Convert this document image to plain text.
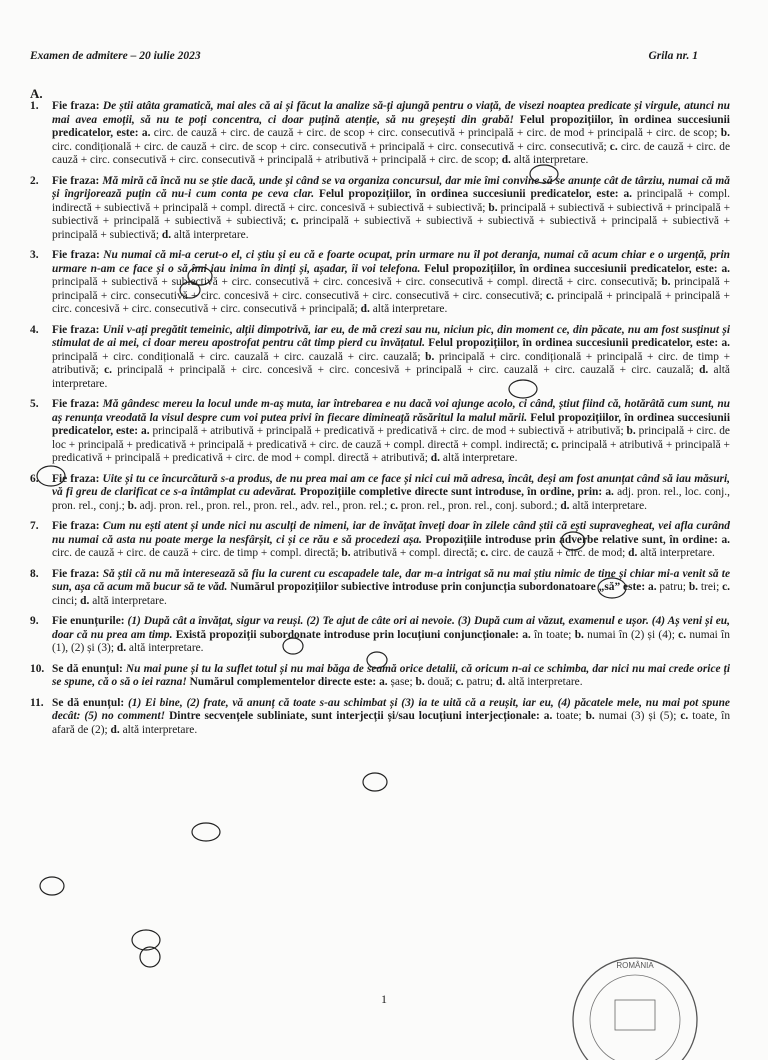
Examen de admitere – 20 iulie 2023	Grila nr. 1
A.
1. Fie fraza: De știi atâta gramatică, mai ales că ai și făcut la analize să-ți ajungă pentru o viață, de visezi noaptea predicate și virgule, atunci nu mai avea emoții, să nu te poți concentra, ci doar puțină atenție, să nu greșești din grabă! Felul propozițiilor, în ordinea succesiunii predicatelor, este: a. circ. de cauză + circ. de cauză + circ. de scop + circ. consecutivă + principală + circ. de mod + principală + circ. de scop; b. circ. condițională + circ. de cauză + circ. de scop + circ. consecutivă + principală + circ. consecutivă + circ. consecutivă; c. circ. de cauză + circ. de cauză + circ. consecutivă + circ. consecutivă + principală + atributivă + principală + circ. de scop; d. altă interpretare.
2. Fie fraza: Mă miră că încă nu se știe dacă, unde și când se va organiza concursul, dar mie îmi convine să se anunțe cât de târziu, numai că mă și îngrijorează puțin că nu-i cum conta pe ceva clar. Felul propozițiilor, în ordinea succesiunii predicatelor, este: a. principală + compl. indirectă + subiectivă + principală + compl. directă + circ. concesivă + subiectivă + subiectivă; b. principală + subiectivă + subiectivă + principală + subiectivă + principală + subiectivă + subiectivă; c. principală + subiectivă + subiectivă + subiectivă + subiectivă + principală + subiectivă + principală + subiectivă; d. altă interpretare.
3. Fie fraza: Nu numai că mi-a cerut-o el, ci știu și eu că e foarte ocupat, prin urmare nu îl pot deranja, numai că acum chiar e o urgență, prin urmare n-am ce face și o să îmi iau inima în dinți și, așadar, îi voi telefona. Felul propozițiilor, în ordinea succesiunii predicatelor, este: a. principală + subiectivă + subiectivă + circ. consecutivă + circ. concesivă + circ. consecutivă + compl. directă + circ. consecutivă; b. principală + principală + circ. consecutivă + circ. concesivă + circ. consecutivă + circ. consecutivă + circ. consecutivă; c. principală + principală + principală + circ. concesivă + circ. consecutivă + circ. consecutivă + principală; d. altă interpretare.
4. Fie fraza: Unii v-ați pregătit temeinic, alții dimpotrivă, iar eu, de mă crezi sau nu, niciun pic, din moment ce, din păcate, nu am fost susținut și stimulat de ai mei, ci doar mereu apostrofat pentru cât timp pierd cu învățatul. Felul propozițiilor, în ordinea succesiunii predicatelor, este: a. principală + circ. condițională + circ. cauzală + circ. cauzală + circ. cauzală; b. principală + circ. condițională + principală + circ. de timp + atributivă; c. principală + principală + circ. concesivă + circ. concesivă + principală + circ. cauzală + circ. cauzală + circ. cauzală; d. altă interpretare.
5. Fie fraza: Mă gândesc mereu la locul unde m-aș muta, iar întrebarea e nu dacă voi ajunge acolo, ci când, știut fiind că, hotărâtă cum sunt, nu aș renunța vreodată la visul despre cum voi putea privi în fiecare dimineață răsăritul la malul mării. Felul propozițiilor, în ordinea succesiunii predicatelor, este: a. principală + atributivă + principală + predicativă + predicativă + circ. de mod + subiectivă + atributivă; b. principală + circ. de loc + principală + predicativă + principală + predicativă + circ. de cauză + compl. directă + compl. indirectă; c. principală + atributivă + principală + predicativă + principală + predicativă + circ. de mod + compl. directă + atributivă; d. altă interpretare.
6. Fie fraza: Uite și tu ce încurcătură s-a produs, de nu prea mai am ce face și nici cui mă adresa, încât, deși am fost anunțat când să iau măsuri, vă fi greu de clarificat ce s-a întâmplat cu adevărat. Propozițiile completive directe sunt introduse, în ordine, prin: a. adj. pron. rel., loc. conj., pron. rel., conj.; b. adj. pron. rel., pron. rel., pron. rel., adv. rel., pron. rel.; c. pron. rel., pron. rel., conj. subord.; d. altă interpretare.
7. Fie fraza: Cum nu ești atent și unde nici nu asculți de nimeni, iar de învățat înveți doar în zilele când știi că ești supravegheat, vei afla curând nu numai că asta nu poate merge la nesfârșit, ci și ce rău e să procedezi așa. Propozițiile introduse prin adverbe relative sunt, în ordine: a. circ. de cauză + circ. de cauză + circ. de timp + compl. directă; b. atributivă + compl. directă; c. circ. de cauză + circ. de mod; d. altă interpretare.
8. Fie fraza: Să știi că nu mă interesează să fiu la curent cu escapadele tale, dar m-a intrigat să nu mai știu nimic de tine și chiar mi-a venit să te sun, așa că acum mă bucur să te văd. Numărul propozițiilor subiective introduse prin conjuncția subordonatoare „să” este: a. patru; b. trei; c. cinci; d. altă interpretare.
9. Fie enunțurile: (1) După cât a învățat, sigur va reuși. (2) Te ajut de câte ori ai nevoie. (3) După cum ai văzut, examenul e ușor. (4) Aș veni și eu, doar că nu prea am timp. Există propoziții subordonate introduse prin locuțiuni conjuncționale: a. în toate; b. numai în (2) și (4); c. numai în (1), (2) și (3); d. altă interpretare.
10. Se dă enunțul: Nu mai pune și tu la suflet totul și nu mai băga de seamă orice detalii, că oricum n-ai ce schimba, dar nici nu mai crede orice ți se spune, că o să o iei razna! Numărul complementelor directe este: a. șase; b. două; c. patru; d. altă interpretare.
11. Se dă enunțul: (1) Ei bine, (2) frate, vă anunț că toate s-au schimbat și (3) ia te uită că a reușit, iar eu, (4) păcatele mele, nu mai pot spune decât: (5) no comment! Dintre secvențele subliniate, sunt interjecții și/sau locuțiuni interjecționale: a. toate; b. numai (3) și (5); c. toate, în afară de (2); d. altă interpretare.
ROMÂNIA
1
